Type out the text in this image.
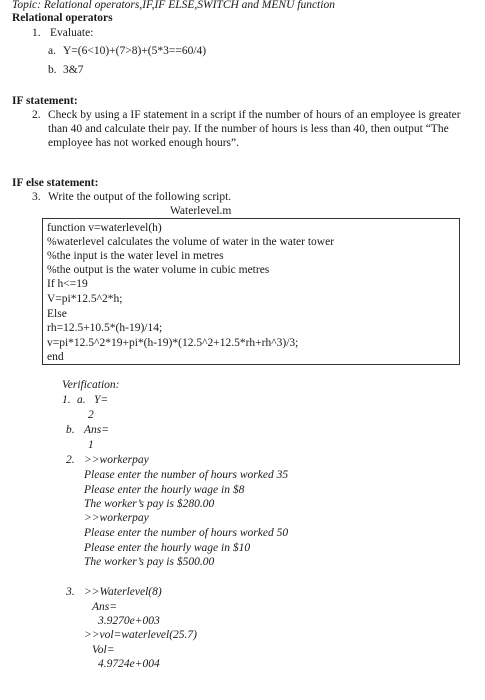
Topic: Relational operators,IF,IF ELSE,SWITCH and MENU function
Relational operators
1. Evaluate:
a. Y=(6<10)+(7>8)+(5*3==60/4)
b. 3&7
IF statement:
2. Check by using a IF statement in a script if the number of hours of an employee is greater than 40 and calculate their pay. If the number of hours is less than 40, then output “The employee has not worked enough hours”.
IF else statement:
3. Write the output of the following script.
Waterlevel.m
function v=waterlevel(h)
%waterlevel calculates the volume of water in the water tower
%the input is the water level in metres
%the output is the water volume in cubic metres
If h<=19
V=pi*12.5^2*h;
Else
rh=12.5+10.5*(h-19)/14;
v=pi*12.5^2*19+pi*(h-19)*(12.5^2+12.5*rh+rh^3)/3;
end
Verification:
1. a. Y=
2
b. Ans=
1
2. >>workerpay
Please enter the number of hours worked 35
Please enter the hourly wage in $8
The worker’s pay is $280.00
>>workerpay
Please enter the number of hours worked 50
Please enter the hourly wage in $10
The worker’s pay is $500.00
3. >>Waterlevel(8)
Ans=
3.9270e+003
>>vol=waterlevel(25.7)
Vol=
4.9724e+004
